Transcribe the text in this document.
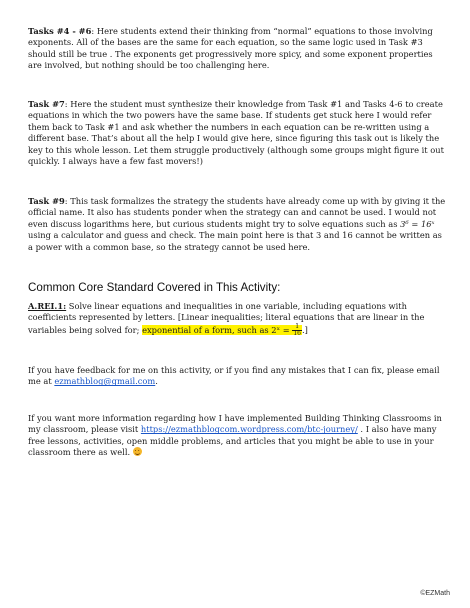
Tasks #4 - #6: Here students extend their thinking from “normal” equations to those involving exponents. All of the bases are the same for each equation, so the same logic used in Task #3 should still be true . The exponents get progressively more spicy, and some exponent properties are involved, but nothing should be too challenging here.

Task #7: Here the student must synthesize their knowledge from Task #1 and Tasks 4-6 to create equations in which the two powers have the same base. If students get stuck here I would refer them back to Task #1 and ask whether the numbers in each equation can be re-written using a different base. That’s about all the help I would give here, since figuring this task out is likely the key to this whole lesson. Let them struggle productively (although some groups might figure it out quickly. I always have a few fast movers!)

Task #9: This task formalizes the strategy the students have already come up with by giving it the official name. It also has students ponder when the strategy can and cannot be used. I would not even discuss logarithms here, but curious students might try to solve equations such as 3⁶ = 16ˣ using a calculator and guess and check. The main point here is that 3 and 16 cannot be written as a power with a common base, so the strategy cannot be used here.

Common Core Standard Covered in This Activity:

A.REI.1: Solve linear equations and inequalities in one variable, including equations with coefficients represented by letters. [Linear inequalities; literal equations that are linear in the variables being solved for; exponential of a form, such as 2ˣ = $\frac{1}{16}$ .]

If you have feedback for me on this activity, or if you find any mistakes that I can fix, please email me at ezmathblog@gmail.com.

If you want more information regarding how I have implemented Building Thinking Classrooms in my classroom, please visit https://ezmathblogcom.wordpress.com/btc-journey/ . I also have many free lessons, activities, open middle problems, and articles that you might be able to use in your classroom there as well.

©EZMath
